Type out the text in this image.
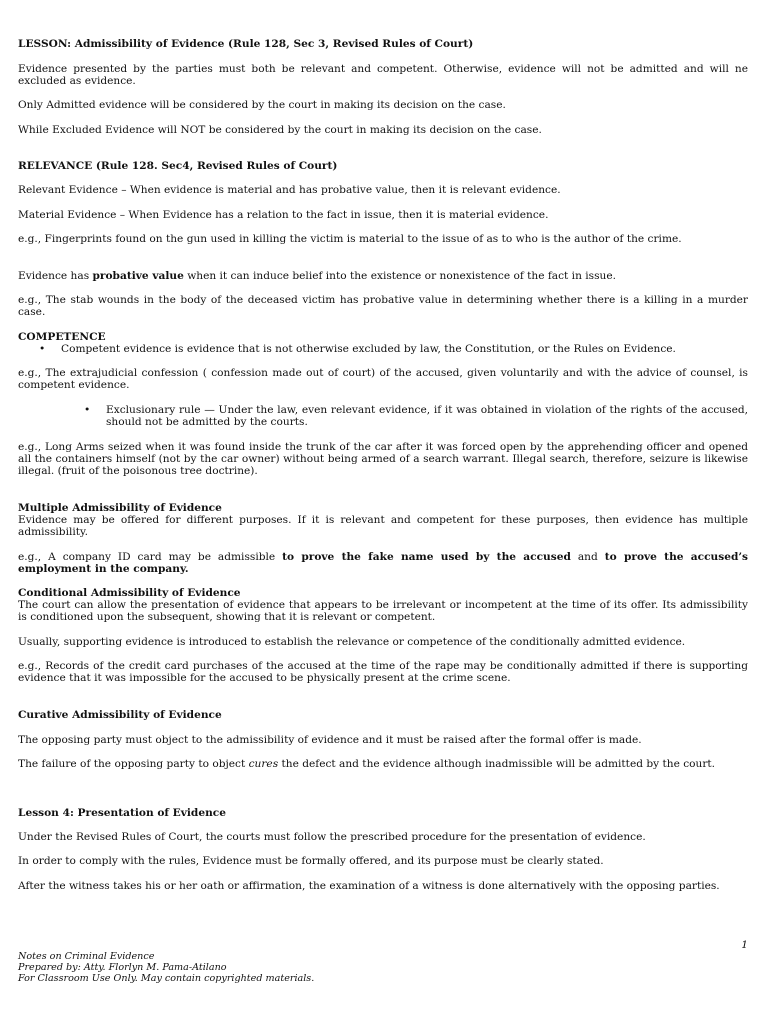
LESSON: Admissibility of Evidence (Rule 128, Sec 3, Revised Rules of Court)

Evidence presented by the parties must both be relevant and competent. Otherwise, evidence will not be admitted and will ne excluded as evidence.

Only Admitted evidence will be considered by the court in making its decision on the case.

While Excluded Evidence will NOT be considered by the court in making its decision on the case.

RELEVANCE (Rule 128. Sec4, Revised Rules of Court)

Relevant Evidence – When evidence is material and has probative value, then it is relevant evidence.

Material Evidence – When Evidence has a relation to the fact in issue, then it is material evidence.

e.g., Fingerprints found on the gun used in killing the victim is material to the issue of as to who is the author of the crime.

Evidence has probative value when it can induce belief into the existence or nonexistence of the fact in issue.

e.g., The stab wounds in the body of the deceased victim has probative value in determining whether there is a killing in a murder case.

COMPETENCE

•	Competent evidence is evidence that is not otherwise excluded by law, the Constitution, or the Rules on Evidence.

e.g., The extrajudicial confession ( confession made out of court) of the accused, given voluntarily and with the advice of counsel, is competent evidence.

•	Exclusionary rule — Under the law, even relevant evidence, if it was obtained in violation of the rights of the accused, should not be admitted by the courts.

e.g., Long Arms seized when it was found inside the trunk of the car after it was forced open by the apprehending officer and opened all the containers himself (not by the car owner) without being armed of a search warrant. Illegal search, therefore, seizure is likewise illegal. (fruit of the poisonous tree doctrine).

Multiple Admissibility of Evidence

Evidence may be offered for different purposes. If it is relevant and competent for these purposes, then evidence has multiple admissibility.

e.g., A company ID card may be admissible to prove the fake name used by the accused and to prove the accused’s employment in the company.

Conditional Admissibility of Evidence

The court can allow the presentation of evidence that appears to be irrelevant or incompetent at the time of its offer. Its admissibility is conditioned upon the subsequent, showing that it is relevant or competent.

Usually, supporting evidence is introduced to establish the relevance or competence of the conditionally admitted evidence.

e.g., Records of the credit card purchases of the accused at the time of the rape may be conditionally admitted if there is supporting evidence that it was impossible for the accused to be physically present at the crime scene.

Curative Admissibility of Evidence

The opposing party must object to the admissibility of evidence and it must be raised after the formal offer is made.

The failure of the opposing party to object cures the defect and the evidence although inadmissible will be admitted by the court.

Lesson 4: Presentation of Evidence

Under the Revised Rules of Court, the courts must follow the prescribed procedure for the presentation of evidence.

In order to comply with the rules, Evidence must be formally offered, and its purpose must be clearly stated.

After the witness takes his or her oath or affirmation, the examination of a witness is done alternatively with the opposing parties.

1
Notes on Criminal Evidence
Prepared by: Atty. Florlyn M. Pama-Atilano
For Classroom Use Only. May contain copyrighted materials.
